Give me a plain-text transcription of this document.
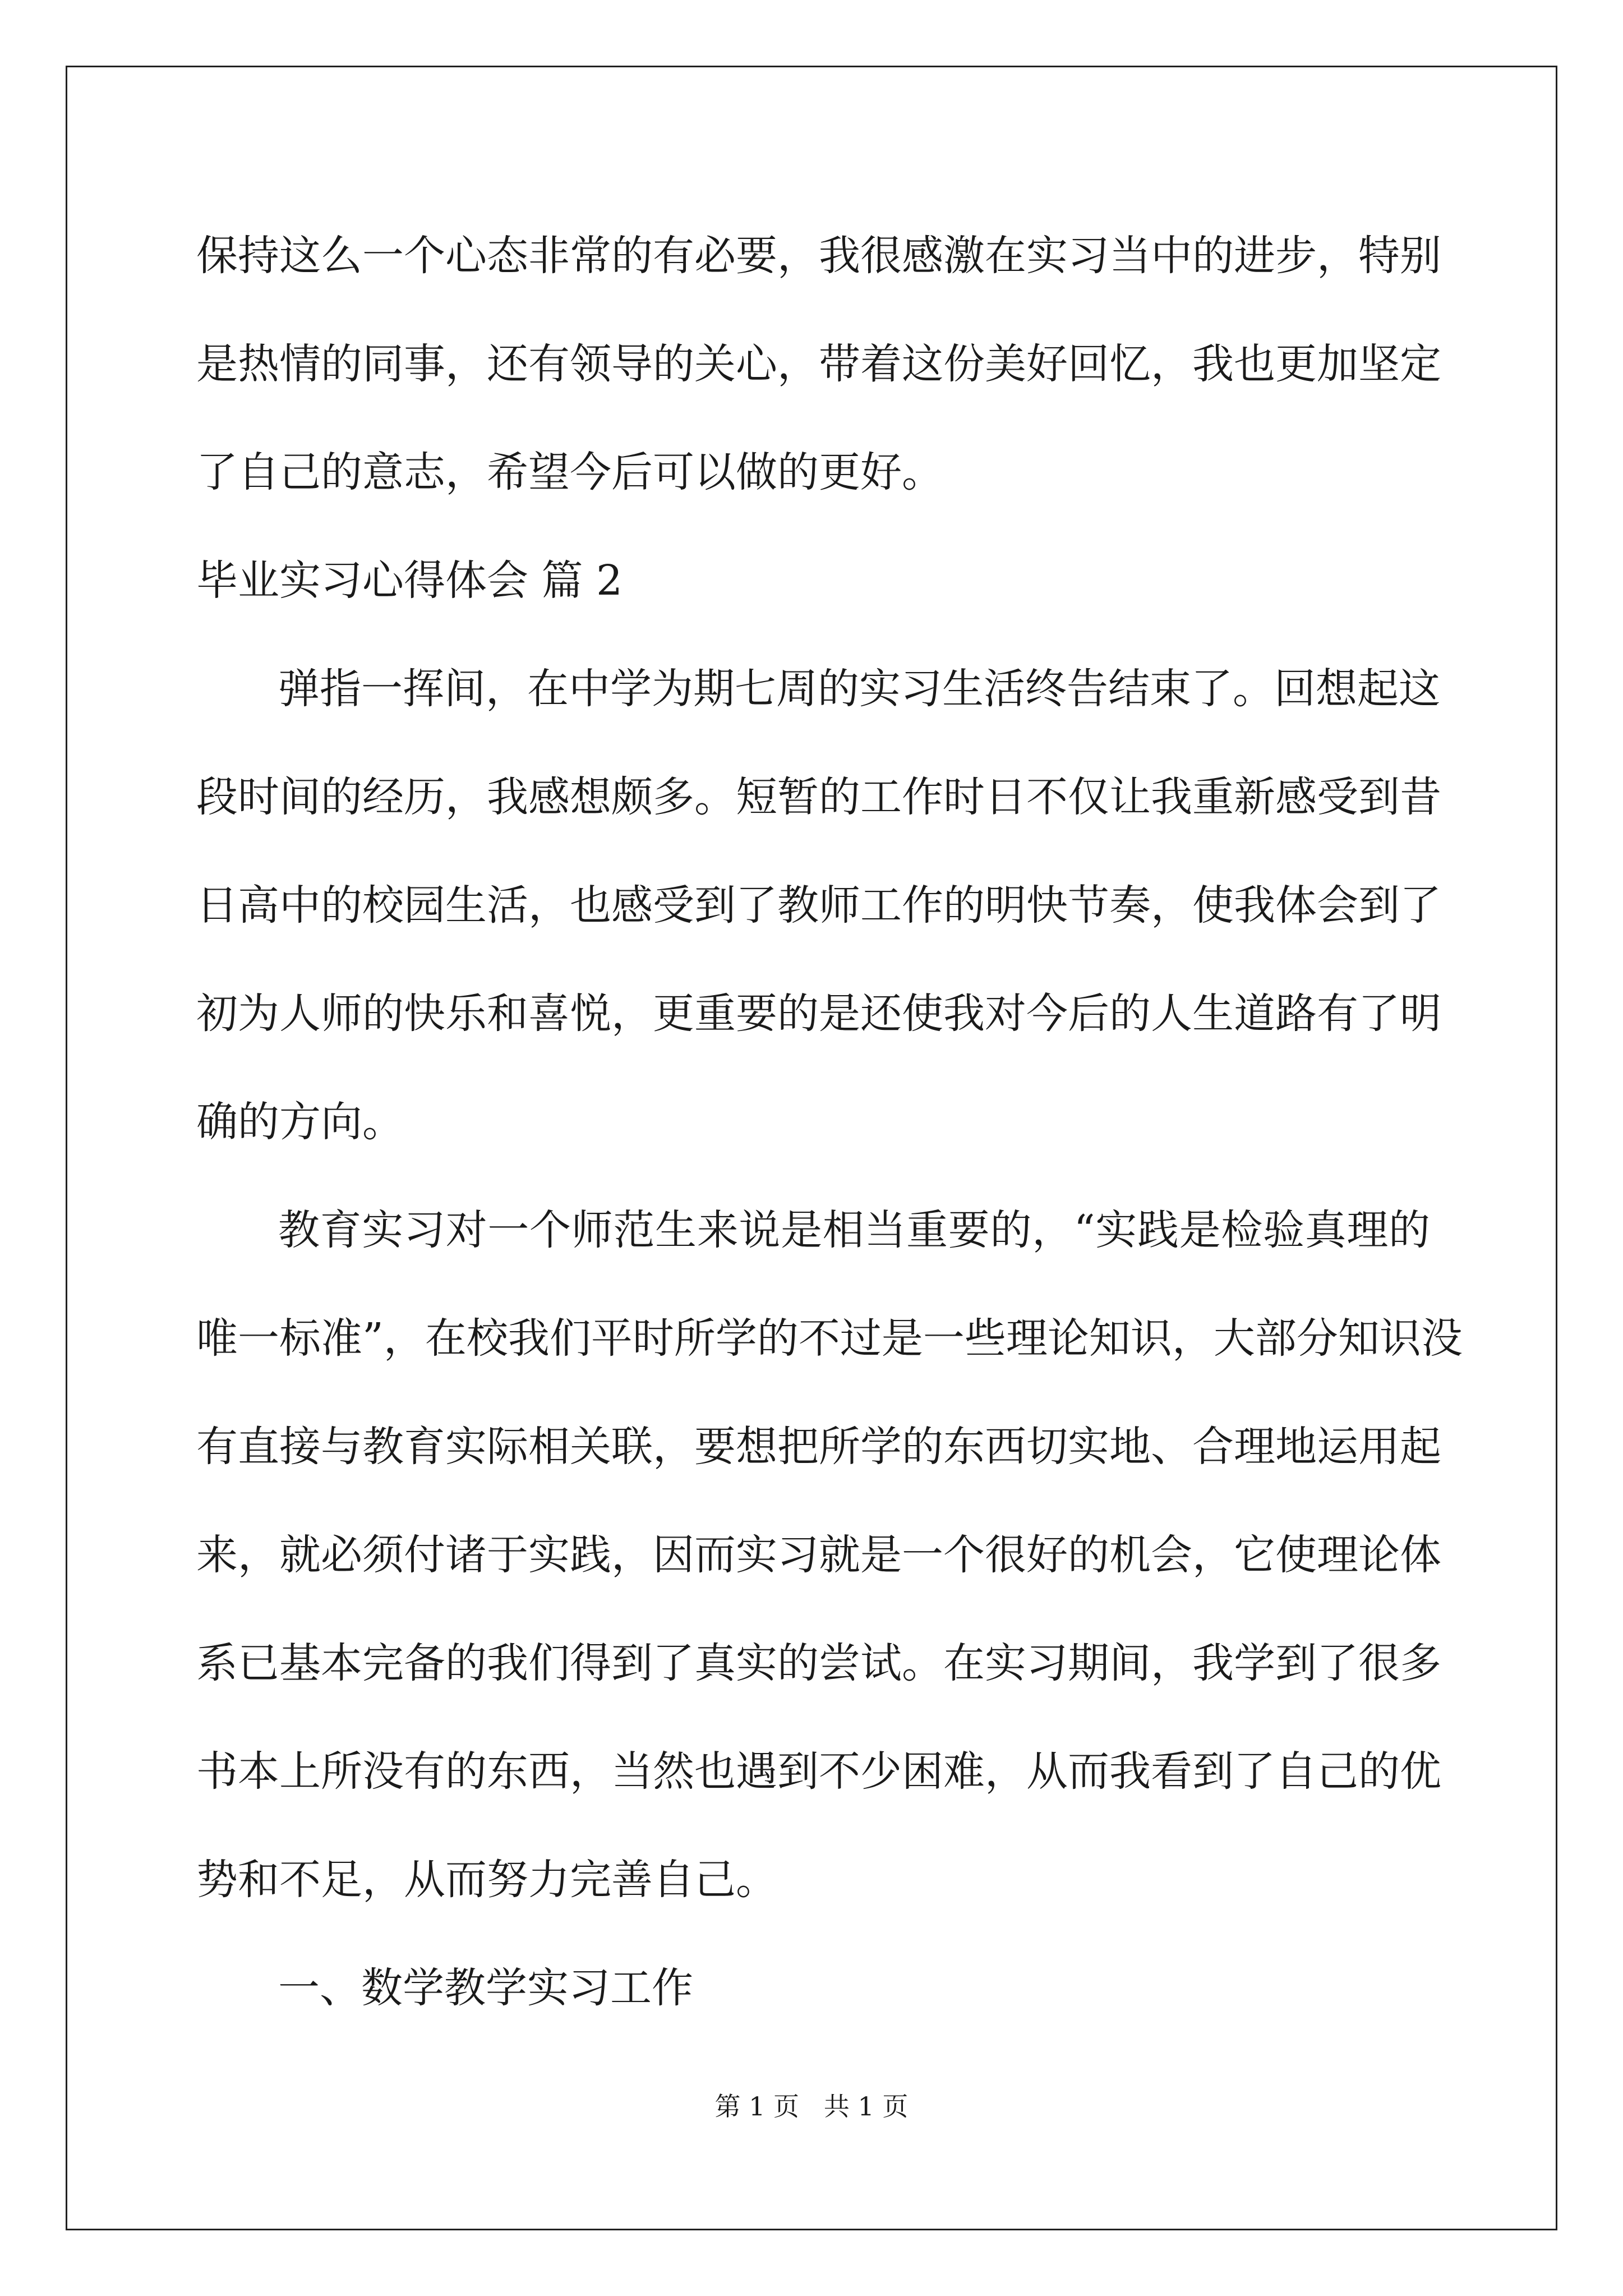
保持这么一个心态非常的有必要，我很感激在实习当中的进步，特别
是热情的同事，还有领导的关心，带着这份美好回忆，我也更加坚定
了自己的意志，希望今后可以做的更好。
毕业实习心得体会 篇 2
弹指一挥间，在中学为期七周的实习生活终告结束了。回想起这
段时间的经历，我感想颇多。短暂的工作时日不仅让我重新感受到昔
日高中的校园生活，也感受到了教师工作的明快节奏，使我体会到了
初为人师的快乐和喜悦，更重要的是还使我对今后的人生道路有了明
确的方向。
教育实习对一个师范生来说是相当重要的，“实践是检验真理的
唯一标准”，在校我们平时所学的不过是一些理论知识，大部分知识没
有直接与教育实际相关联，要想把所学的东西切实地、合理地运用起
来，就必须付诸于实践，因而实习就是一个很好的机会，它使理论体
系已基本完备的我们得到了真实的尝试。在实习期间，我学到了很多
书本上所没有的东西，当然也遇到不少困难，从而我看到了自己的优
势和不足，从而努力完善自己。
一、数学教学实习工作
第 1 页   共 1 页
